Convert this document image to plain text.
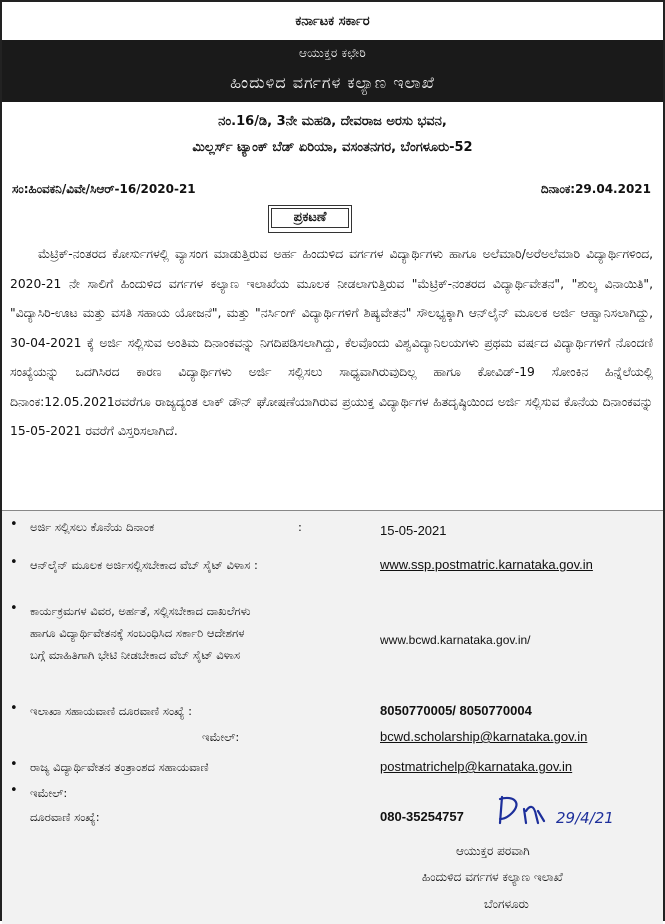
ಕರ್ನಾಟಕ ಸರ್ಕಾರ
ಆಯುಕ್ತರ ಕಛೇರಿ
ಹಿಂದುಳಿದ ವರ್ಗಗಳ ಕಲ್ಯಾಣ ಇಲಾಖೆ
ನಂ.16/ಡಿ, 3ನೇ ಮಹಡಿ, ದೇವರಾಜ ಅರಸು ಭವನ,
ಮಿಲ್ಲರ್ಸ್ ಟ್ಯಾಂಕ್ ಬೆಡ್ ಏರಿಯಾ, ವಸಂತನಗರ, ಬೆಂಗಳೂರು-52
ಸಂ:ಹಿಂವಕನಿ/ವಿವೇ/ಸಿಆರ್-16/2020-21	ದಿನಾಂಕ:29.04.2021
ಪ್ರಕಟಣೆ
ಮೆಟ್ರಿಕ್-ನಂತರದ ಕೋರ್ಸುಗಳಲ್ಲಿ ವ್ಯಾಸಂಗ ಮಾಡುತ್ತಿರುವ ಅರ್ಹ ಹಿಂದುಳಿದ ವರ್ಗಗಳ ವಿದ್ಯಾರ್ಥಿಗಳು ಹಾಗೂ ಅಲೆಮಾರಿ/ಅರೆಅಲೆಮಾರಿ ವಿದ್ಯಾರ್ಥಿಗಳಿಂದ, 2020-21 ನೇ ಸಾಲಿಗೆ ಹಿಂದುಳಿದ ವರ್ಗಗಳ ಕಲ್ಯಾಣ ಇಲಾಖೆಯ ಮೂಲಕ ನೀಡಲಾಗುತ್ತಿರುವ "ಮೆಟ್ರಿಕ್-ನಂತರದ ವಿದ್ಯಾರ್ಥಿವೇತನ", "ಶುಲ್ಕ ವಿನಾಯಿತಿ", "ವಿದ್ಯಾಸಿರಿ-ಊಟ ಮತ್ತು ವಸತಿ ಸಹಾಯ ಯೋಜನೆ", ಮತ್ತು "ನರ್ಸಿಂಗ್ ವಿದ್ಯಾರ್ಥಿಗಳಿಗೆ ಶಿಷ್ಯವೇತನ" ಸೌಲಭ್ಯಕ್ಕಾಗಿ ಆನ್‌ಲೈನ್ ಮೂಲಕ ಅರ್ಜಿ ಆಹ್ವಾನಿಸಲಾಗಿದ್ದು, 30-04-2021 ಕ್ಕೆ ಅರ್ಜಿ ಸಲ್ಲಿಸುವ ಅಂತಿಮ ದಿನಾಂಕವನ್ನು ನಿಗದಿಪಡಿಸಲಾಗಿದ್ದು, ಕೆಲವೊಂದು ವಿಶ್ವವಿದ್ಯಾನಿಲಯಗಳು ಪ್ರಥಮ ವರ್ಷದ ವಿದ್ಯಾರ್ಥಿಗಳಿಗೆ ನೊಂದಣಿ ಸಂಖ್ಯೆಯನ್ನು ಒದಗಿಸಿರದ ಕಾರಣ ವಿದ್ಯಾರ್ಥಿಗಳು ಅರ್ಜಿ ಸಲ್ಲಿಸಲು ಸಾಧ್ಯವಾಗಿರುವುದಿಲ್ಲ ಹಾಗೂ ಕೋವಿಡ್-19 ಸೋಂಕಿನ ಹಿನ್ನೆಲೆಯಲ್ಲಿ ದಿನಾಂಕ:12.05.2021ರವರೆಗೂ ರಾಜ್ಯದ್ಯಂತ ಲಾಕ್ ಡೌನ್ ಘೋಷಣೆಯಾಗಿರುವ ಪ್ರಯುಕ್ತ ವಿದ್ಯಾರ್ಥಿಗಳ ಹಿತದೃಷ್ಠಿಯಿಂದ ಅರ್ಜಿ ಸಲ್ಲಿಸುವ ಕೊನೆಯ ದಿನಾಂಕವನ್ನು 15-05-2021 ರವರೆಗೆ ವಿಸ್ತರಿಸಲಾಗಿದೆ.
• ಅರ್ಜಿ ಸಲ್ಲಿಸಲು ಕೊನೆಯ ದಿನಾಂಕ	:	15-05-2021
• ಆನ್‌ಲೈನ್ ಮೂಲಕ ಅರ್ಜಿಸಲ್ಲಿಸಬೇಕಾದ ವೆಬ್ ಸೈಟ್ ವಿಳಾಸ :	www.ssp.postmatric.karnataka.gov.in
• ಕಾರ್ಯಕ್ರಮಗಳ ವಿವರ, ಅರ್ಹತೆ, ಸಲ್ಲಿಸಬೇಕಾದ ದಾಖಲೆಗಳು
ಹಾಗೂ ವಿದ್ಯಾರ್ಥಿವೇತನಕ್ಕೆ ಸಂಬಂಧಿಸಿದ ಸರ್ಕಾರಿ ಆದೇಶಗಳ
ಬಗ್ಗೆ ಮಾಹಿತಿಗಾಗಿ ಭೇಟಿ ನೀಡಬೇಕಾದ ವೆಬ್ ಸೈಟ್ ವಿಳಾಸ
www.bcwd.karnataka.gov.in/
• ಇಲಾಖಾ ಸಹಾಯವಾಣಿ ದೂರವಾಣಿ ಸಂಖ್ಯೆ :	8050770005/ 8050770004
ಇಮೇಲ್:	bcwd.scholarship@karnataka.gov.in
• ರಾಜ್ಯ ವಿದ್ಯಾರ್ಥಿವೇತನ ತಂತ್ರಾಂಶದ ಸಹಾಯವಾಣಿ	postmatrichelp@karnataka.gov.in
• ಇಮೇಲ್:
ದೂರವಾಣಿ ಸಂಖ್ಯೆ:	080-35254757	29/4/21
ಆಯುಕ್ತರ ಪರವಾಗಿ
ಹಿಂದುಳಿದ ವರ್ಗಗಳ ಕಲ್ಯಾಣ ಇಲಾಖೆ
ಬೆಂಗಳೂರು
